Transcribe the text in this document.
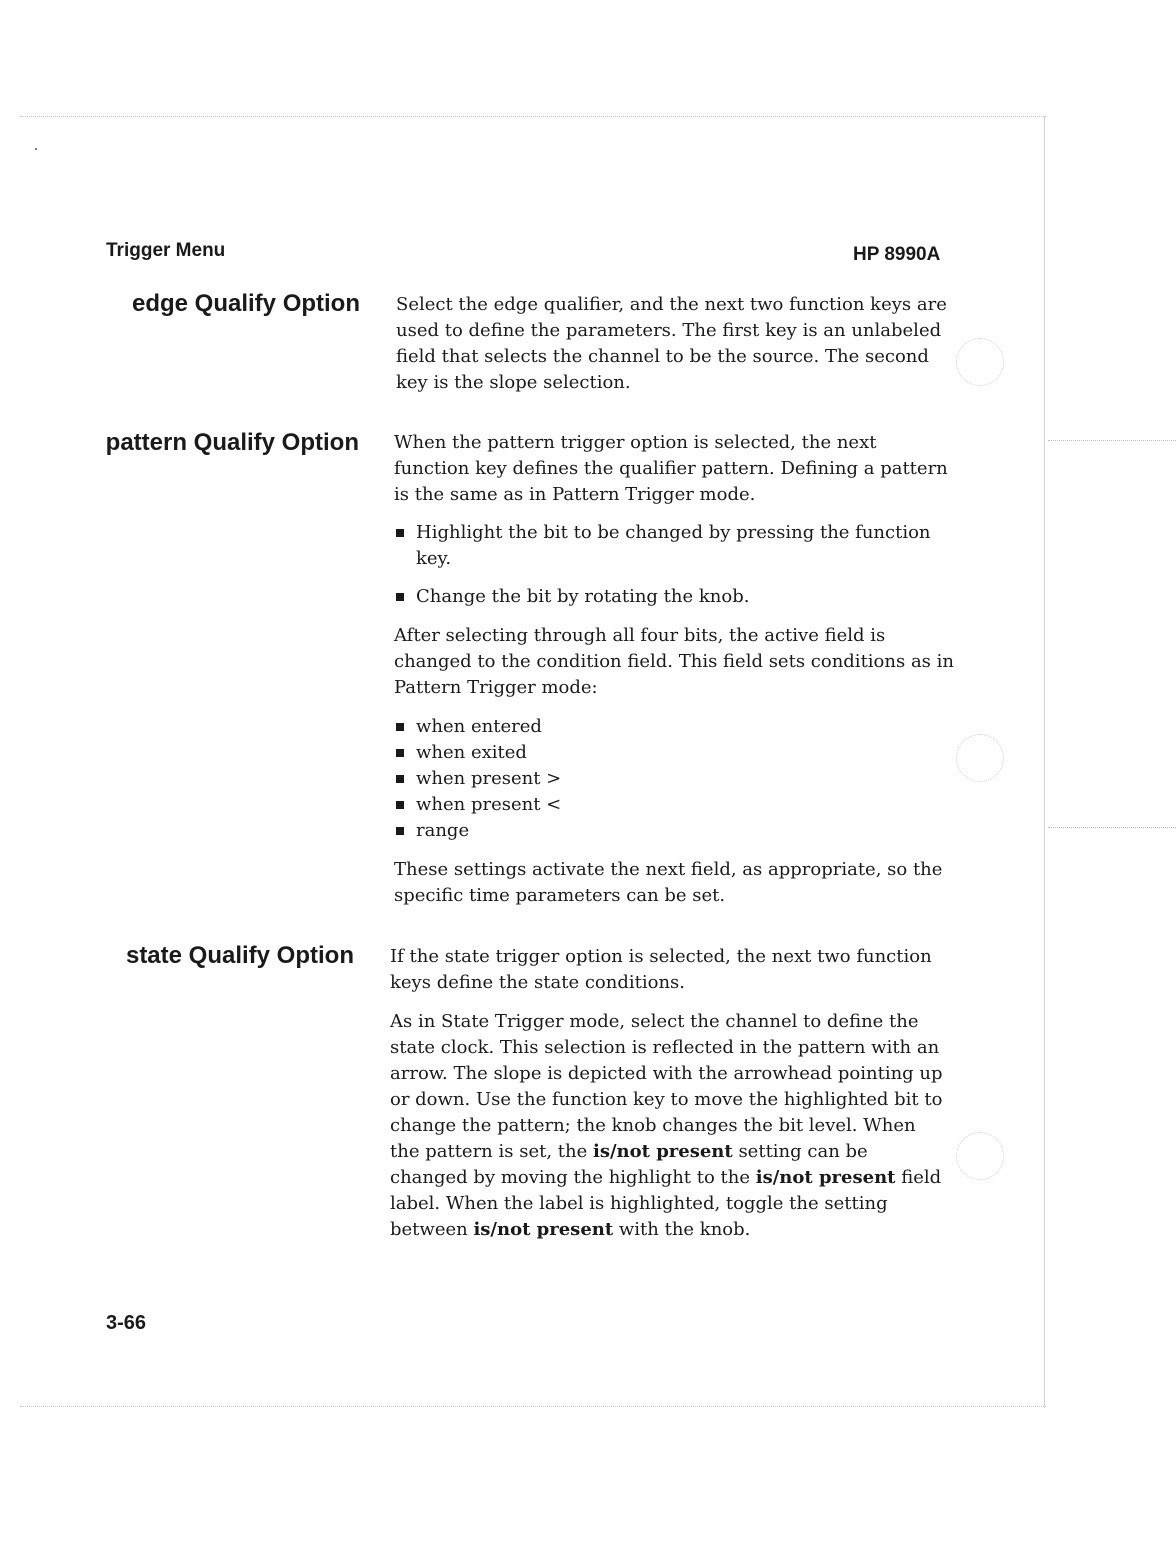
Trigger Menu	HP 8990A
edge Qualify Option Select the edge qualifier, and the next two function keys are used to define the parameters. The first key is an unlabeled field that selects the channel to be the source. The second key is the slope selection.

pattern Qualify Option When the pattern trigger option is selected, the next function key defines the qualifier pattern. Defining a pattern is the same as in Pattern Trigger mode.

Highlight the bit to be changed by pressing the function key.
Change the bit by rotating the knob.

After selecting through all four bits, the active field is changed to the condition field. This field sets conditions as in Pattern Trigger mode:

when entered
when exited
when present >
when present <
range

These settings activate the next field, as appropriate, so the specific time parameters can be set.

state Qualify Option If the state trigger option is selected, the next two function keys define the state conditions.

As in State Trigger mode, select the channel to define the state clock. This selection is reflected in the pattern with an arrow. The slope is depicted with the arrowhead pointing up or down. Use the function key to move the highlighted bit to change the pattern; the knob changes the bit level. When the pattern is set, the is/not present setting can be changed by moving the highlight to the is/not present field label. When the label is highlighted, toggle the setting between is/not present with the knob.

3-66
